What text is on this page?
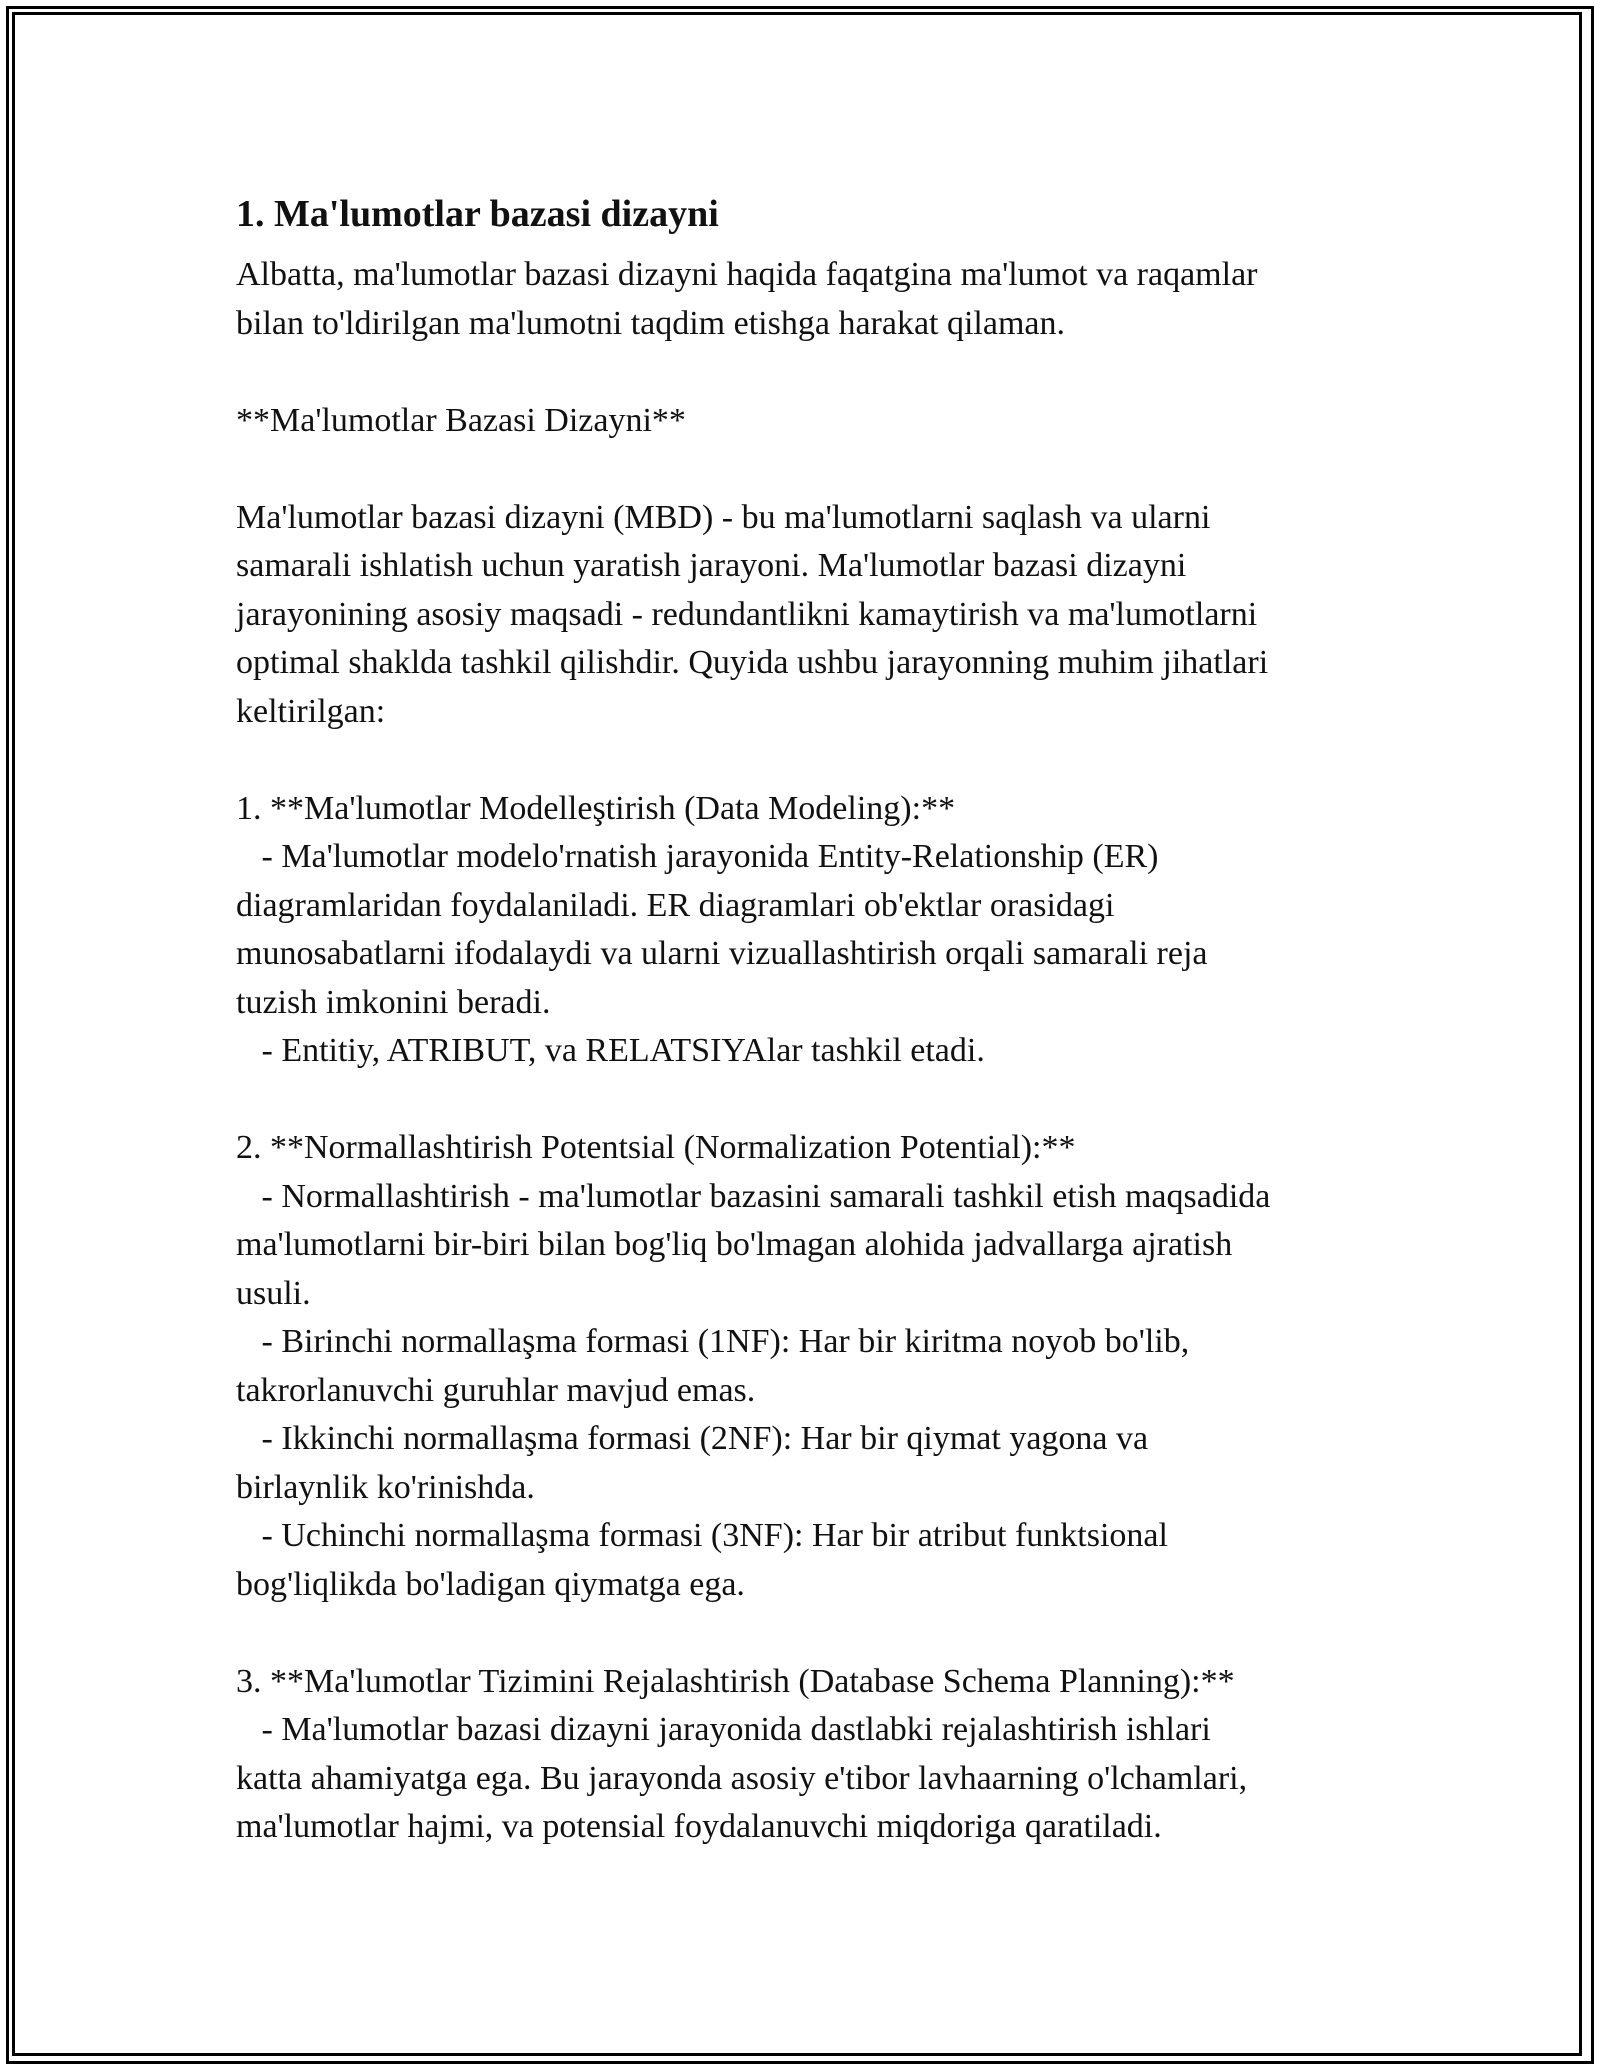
1. Ma'lumotlar bazasi dizayni

Albatta, ma'lumotlar bazasi dizayni haqida faqatgina ma'lumot va raqamlar
bilan to'ldirilgan ma'lumotni taqdim etishga harakat qilaman.

**Ma'lumotlar Bazasi Dizayni**

Ma'lumotlar bazasi dizayni (MBD) - bu ma'lumotlarni saqlash va ularni
samarali ishlatish uchun yaratish jarayoni. Ma'lumotlar bazasi dizayni
jarayonining asosiy maqsadi - redundantlikni kamaytirish va ma'lumotlarni
optimal shaklda tashkil qilishdir. Quyida ushbu jarayonning muhim jihatlari
keltirilgan:

1. **Ma'lumotlar Modelleştirish (Data Modeling):**
- Ma'lumotlar modelo'rnatish jarayonida Entity-Relationship (ER)
diagramlaridan foydalaniladi. ER diagramlari ob'ektlar orasidagi
munosabatlarni ifodalaydi va ularni vizuallashtirish orqali samarali reja
tuzish imkonini beradi.
- Entitiy, ATRIBUT, va RELATSIYAlar tashkil etadi.

2. **Normallashtirish Potentsial (Normalization Potential):**
- Normallashtirish - ma'lumotlar bazasini samarali tashkil etish maqsadida
ma'lumotlarni bir-biri bilan bog'liq bo'lmagan alohida jadvallarga ajratish
usuli.
- Birinchi normallaşma formasi (1NF): Har bir kiritma noyob bo'lib,
takrorlanuvchi guruhlar mavjud emas.
- Ikkinchi normallaşma formasi (2NF): Har bir qiymat yagona va
birlaynlik ko'rinishda.
- Uchinchi normallaşma formasi (3NF): Har bir atribut funktsional
bog'liqlikda bo'ladigan qiymatga ega.

3. **Ma'lumotlar Tizimini Rejalashtirish (Database Schema Planning):**
- Ma'lumotlar bazasi dizayni jarayonida dastlabki rejalashtirish ishlari
katta ahamiyatga ega. Bu jarayonda asosiy e'tibor lavhaarning o'lchamlari,
ma'lumotlar hajmi, va potensial foydalanuvchi miqdoriga qaratiladi.
